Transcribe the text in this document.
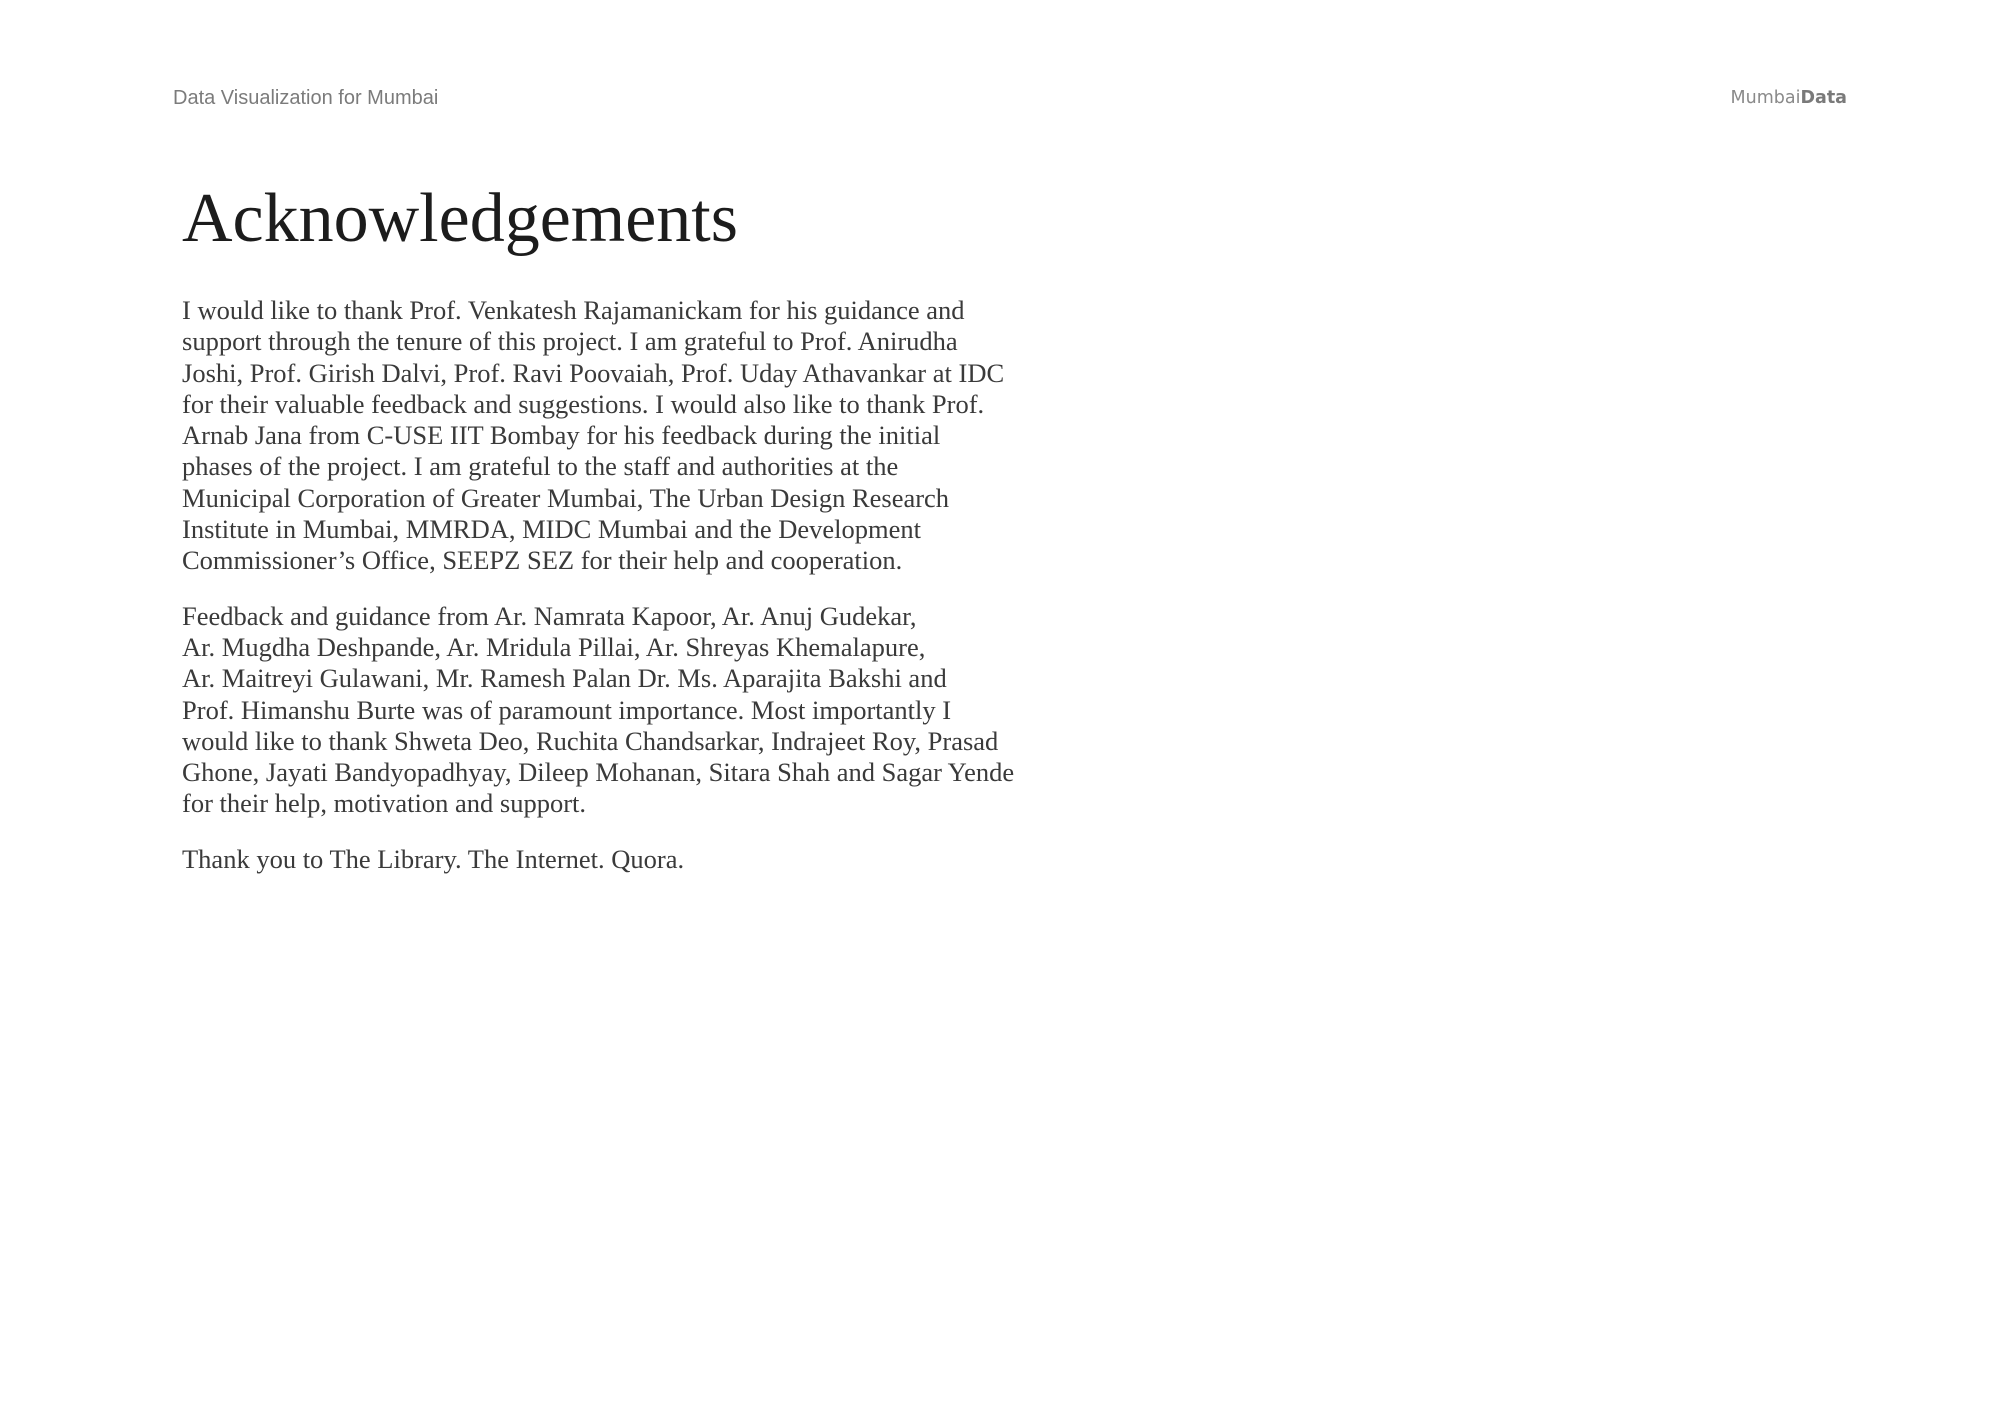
Data Visualization for Mumbai	MumbaiData
Acknowledgements

I would like to thank Prof. Venkatesh Rajamanickam for his guidance and
support through the tenure of this project. I am grateful to Prof. Anirudha
Joshi, Prof. Girish Dalvi, Prof. Ravi Poovaiah, Prof. Uday Athavankar at IDC
for their valuable feedback and suggestions. I would also like to thank Prof.
Arnab Jana from C-USE IIT Bombay for his feedback during the initial
phases of the project. I am grateful to the staff and authorities at the
Municipal Corporation of Greater Mumbai, The Urban Design Research
Institute in Mumbai, MMRDA, MIDC Mumbai and the Development
Commissioner’s Office, SEEPZ SEZ for their help and cooperation.

Feedback and guidance from Ar. Namrata Kapoor, Ar. Anuj Gudekar,
Ar. Mugdha Deshpande, Ar. Mridula Pillai, Ar. Shreyas Khemalapure,
Ar. Maitreyi Gulawani, Mr. Ramesh Palan Dr. Ms. Aparajita Bakshi and
Prof. Himanshu Burte was of paramount importance. Most importantly I
would like to thank Shweta Deo, Ruchita Chandsarkar, Indrajeet Roy, Prasad
Ghone, Jayati Bandyopadhyay, Dileep Mohanan, Sitara Shah and Sagar Yende
for their help, motivation and support.

Thank you to The Library. The Internet. Quora.
